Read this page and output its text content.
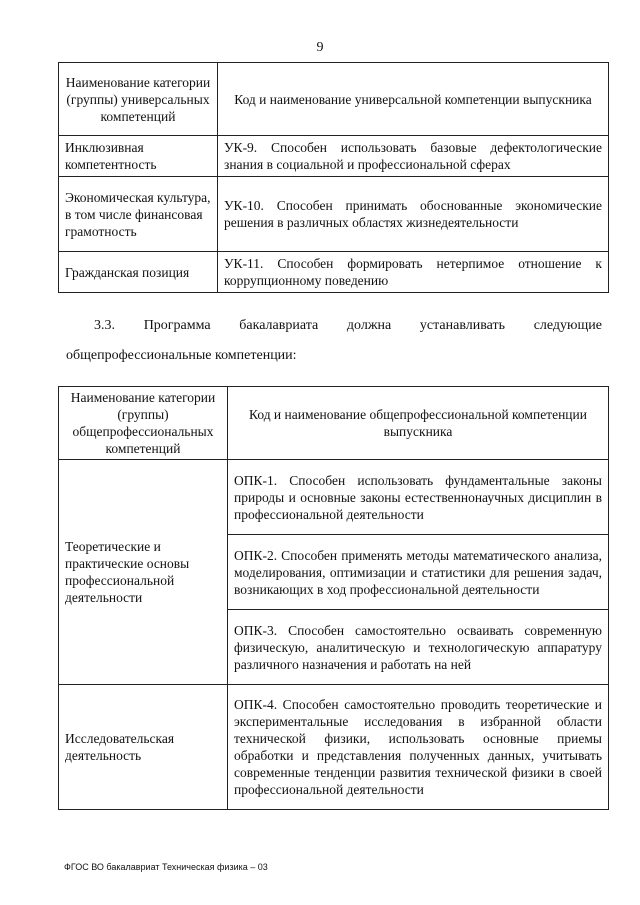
9
Наименование категории (группы) универсальных компетенций	Код и наименование универсальной компетенции выпускника
Инклюзивная компетентность	УК-9. Способен использовать базовые дефектологические знания в социальной и профессиональной сферах
Экономическая культура, в том числе финансовая грамотность	УК-10. Способен принимать обоснованные экономические решения в различных областях жизнедеятельности
Гражданская позиция	УК-11. Способен формировать нетерпимое отношение к коррупционному поведению
3.3. Программа бакалавриата должна устанавливать следующие
общепрофессиональные компетенции:
Наименование категории (группы) общепрофессиональных компетенций	Код и наименование общепрофессиональной компетенции выпускника
Теоретические и практические основы профессиональной деятельности	ОПК-1. Способен использовать фундаментальные законы природы и основные законы естественнонаучных дисциплин в профессиональной деятельности
	ОПК-2. Способен применять методы математического анализа, моделирования, оптимизации и статистики для решения задач, возникающих в ход профессиональной деятельности
	ОПК-3. Способен самостоятельно осваивать современную физическую, аналитическую и технологическую аппаратуру различного назначения и работать на ней
Исследовательская деятельность	ОПК-4. Способен самостоятельно проводить теоретические и экспериментальные исследования в избранной области технической физики, использовать основные приемы обработки и представления полученных данных, учитывать современные тенденции развития технической физики в своей профессиональной деятельности
ФГОС ВО бакалавриат Техническая физика – 03
